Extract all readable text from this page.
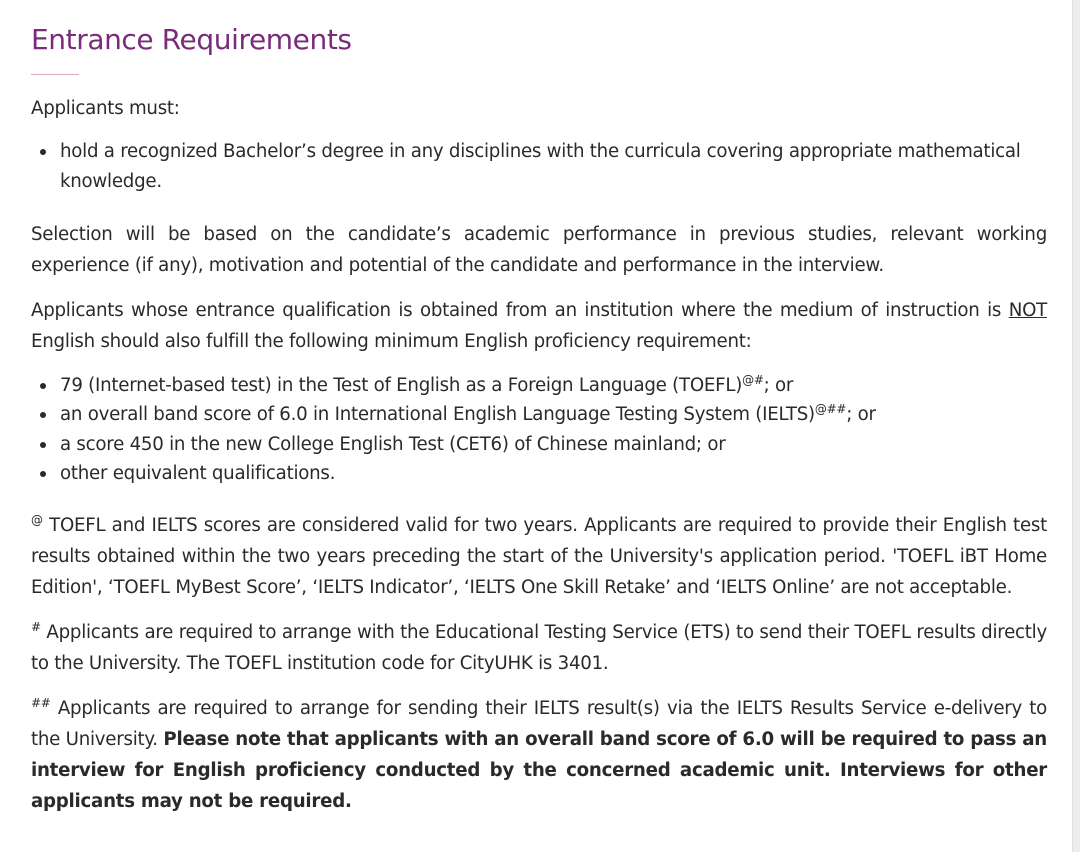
Entrance Requirements

Applicants must:

hold a recognized Bachelor’s degree in any disciplines with the curricula covering appropriate mathematical knowledge.

Selection will be based on the candidate’s academic performance in previous studies, relevant working experience (if any), motivation and potential of the candidate and performance in the interview.

Applicants whose entrance qualification is obtained from an institution where the medium of instruction is NOT English should also fulfill the following minimum English proficiency requirement:

79 (Internet-based test) in the Test of English as a Foreign Language (TOEFL)@#; or
an overall band score of 6.0 in International English Language Testing System (IELTS)@##; or
a score 450 in the new College English Test (CET6) of Chinese mainland; or
other equivalent qualifications.

@ TOEFL and IELTS scores are considered valid for two years. Applicants are required to provide their English test results obtained within the two years preceding the start of the University's application period. 'TOEFL iBT Home Edition', ‘TOEFL MyBest Score’, ‘IELTS Indicator’, ‘IELTS One Skill Retake’ and ‘IELTS Online’ are not acceptable.

# Applicants are required to arrange with the Educational Testing Service (ETS) to send their TOEFL results directly to the University. The TOEFL institution code for CityUHK is 3401.

## Applicants are required to arrange for sending their IELTS result(s) via the IELTS Results Service e-delivery to the University. Please note that applicants with an overall band score of 6.0 will be required to pass an interview for English proficiency conducted by the concerned academic unit. Interviews for other applicants may not be required.
